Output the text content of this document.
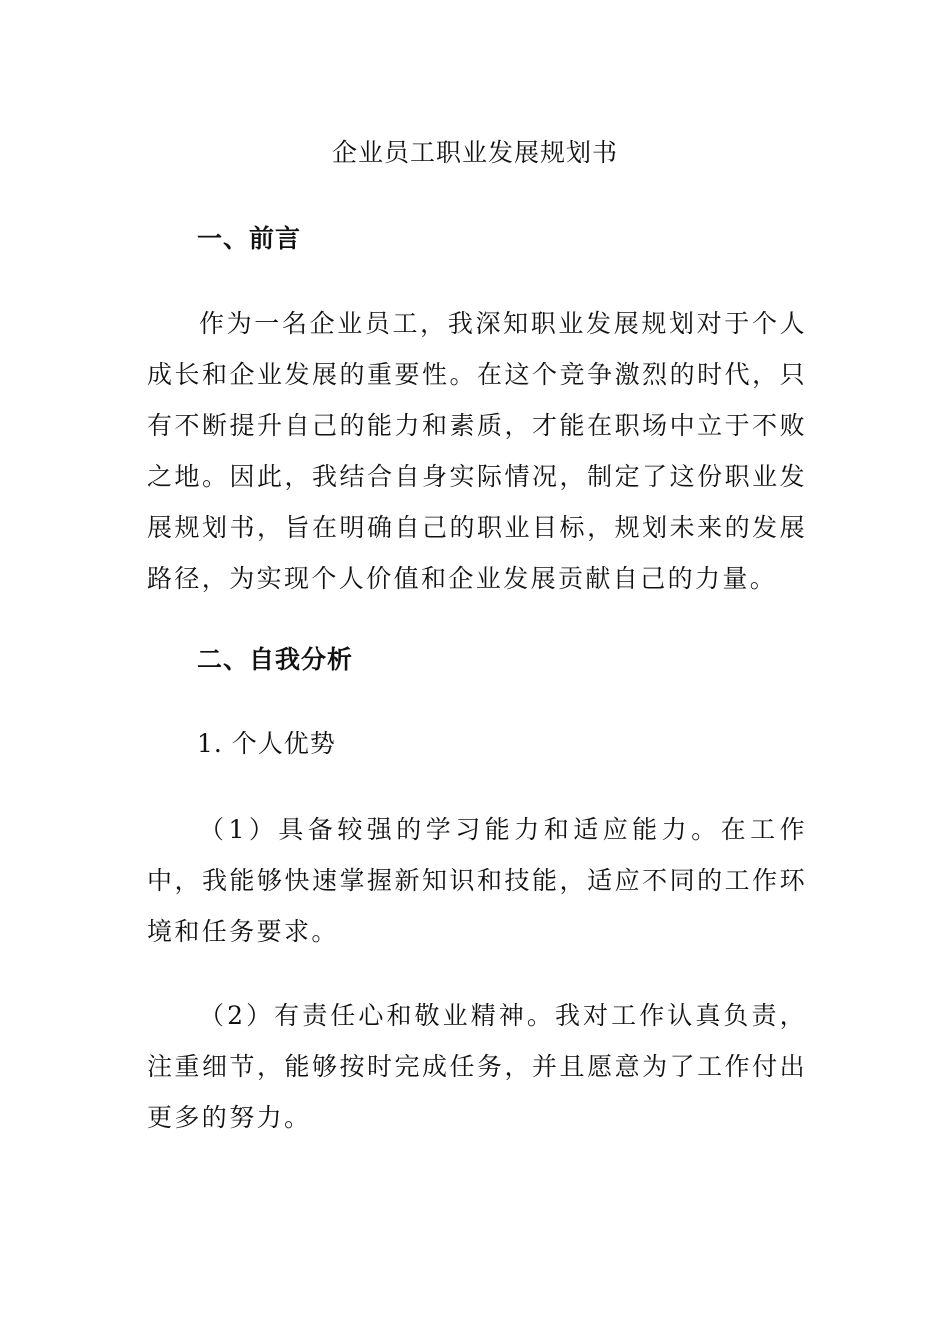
企业员工职业发展规划书
一、前言

作为一名企业员工，我深知职业发展规划对于个人成长和企业发展的重要性。在这个竞争激烈的时代，只有不断提升自己的能力和素质，才能在职场中立于不败之地。因此，我结合自身实际情况，制定了这份职业发展规划书，旨在明确自己的职业目标，规划未来的发展路径，为实现个人价值和企业发展贡献自己的力量。

二、自我分析
1. 个人优势

（1）具备较强的学习能力和适应能力。在工作中，我能够快速掌握新知识和技能，适应不同的工作环境和任务要求。

（2）有责任心和敬业精神。我对工作认真负责，注重细节，能够按时完成任务，并且愿意为了工作付出更多的努力。
